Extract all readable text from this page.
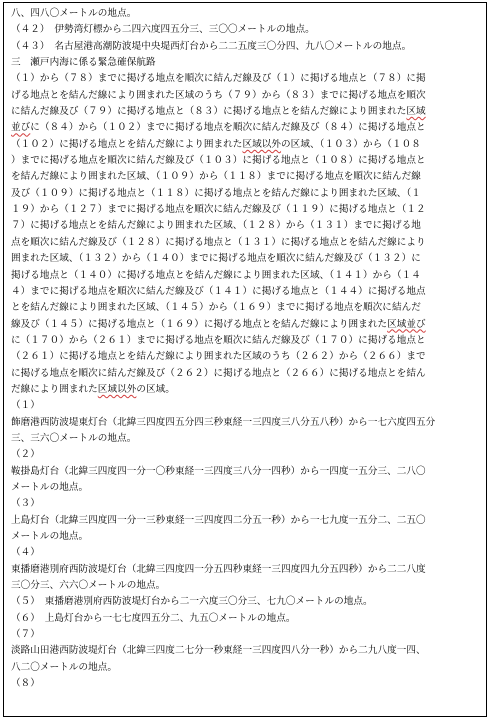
八、四八〇メートルの地点。
（４２）　伊勢湾灯標から二四六度四五分三、三〇〇メートルの地点。
（４３）　名古屋港高潮防波堤中央堤西灯台から二二五度三〇分四、九八〇メートルの地点。
三　瀬戸内海に係る緊急確保航路
（１）から（７８）までに掲げる地点を順次に結んだ線及び（１）に掲げる地点と（７８）に掲
げる地点とを結んだ線により囲まれた区域のうち（７９）から（８３）までに掲げる地点を順次
に結んだ線及び（７９）に掲げる地点と（８３）に掲げる地点とを結んだ線により囲まれた区域
並びに（８４）から（１０２）までに掲げる地点を順次に結んだ線及び（８４）に掲げる地点と
（１０２）に掲げる地点とを結んだ線により囲まれた区域以外の区域、（１０３）から（１０８
）までに掲げる地点を順次に結んだ線及び（１０３）に掲げる地点と（１０８）に掲げる地点と
を結んだ線により囲まれた区域、（１０９）から（１１８）までに掲げる地点を順次に結んだ線
及び（１０９）に掲げる地点と（１１８）に掲げる地点とを結んだ線により囲まれた区域、（１
１９）から（１２７）までに掲げる地点を順次に結んだ線及び（１１９）に掲げる地点と（１２
７）に掲げる地点とを結んだ線により囲まれた区域、（１２８）から（１３１）までに掲げる地
点を順次に結んだ線及び（１２８）に掲げる地点と（１３１）に掲げる地点とを結んだ線により
囲まれた区域、（１３２）から（１４０）までに掲げる地点を順次に結んだ線及び（１３２）に
掲げる地点と（１４０）に掲げる地点とを結んだ線により囲まれた区域、（１４１）から（１４
４）までに掲げる地点を順次に結んだ線及び（１４１）に掲げる地点と（１４４）に掲げる地点
とを結んだ線により囲まれた区域、（１４５）から（１６９）までに掲げる地点を順次に結んだ
線及び（１４５）に掲げる地点と（１６９）に掲げる地点とを結んだ線により囲まれた区域並び
に（１７０）から（２６１）までに掲げる地点を順次に結んだ線及び（１７０）に掲げる地点と
（２６１）に掲げる地点とを結んだ線により囲まれた区域のうち（２６２）から（２６６）まで
に掲げる地点を順次に結んだ線及び（２６２）に掲げる地点と（２６６）に掲げる地点とを結ん
だ線により囲まれた区域以外の区域。
（１）
飾磨港西防波堤東灯台（北緯三四度四五分四三秒東経一三四度三八分五八秒）から一七六度四五分
三、三六〇メートルの地点。
（２）
鞍掛島灯台（北緯三四度四一分一〇秒東経一三四度三八分一四秒）から一四度一五分三、二八〇
メートルの地点。
（３）
上島灯台（北緯三四度四一分一三秒東経一三四度四二分五一秒）から一七九度一五分二、二五〇
メートルの地点。
（４）
東播磨港別府西防波堤灯台（北緯三四度四一分五四秒東経一三四度四九分五四秒）から二二八度
三〇分三、六六〇メートルの地点。
（５）　東播磨港別府西防波堤灯台から二一六度三〇分三、七九〇メートルの地点。
（６）　上島灯台から一七七度四五分二、九五〇メートルの地点。
（７）
淡路山田港西防波堤灯台（北緯三四度二七分一秒東経一三四度四八分一秒）から二九八度一四、
八二〇メートルの地点。
（８）
